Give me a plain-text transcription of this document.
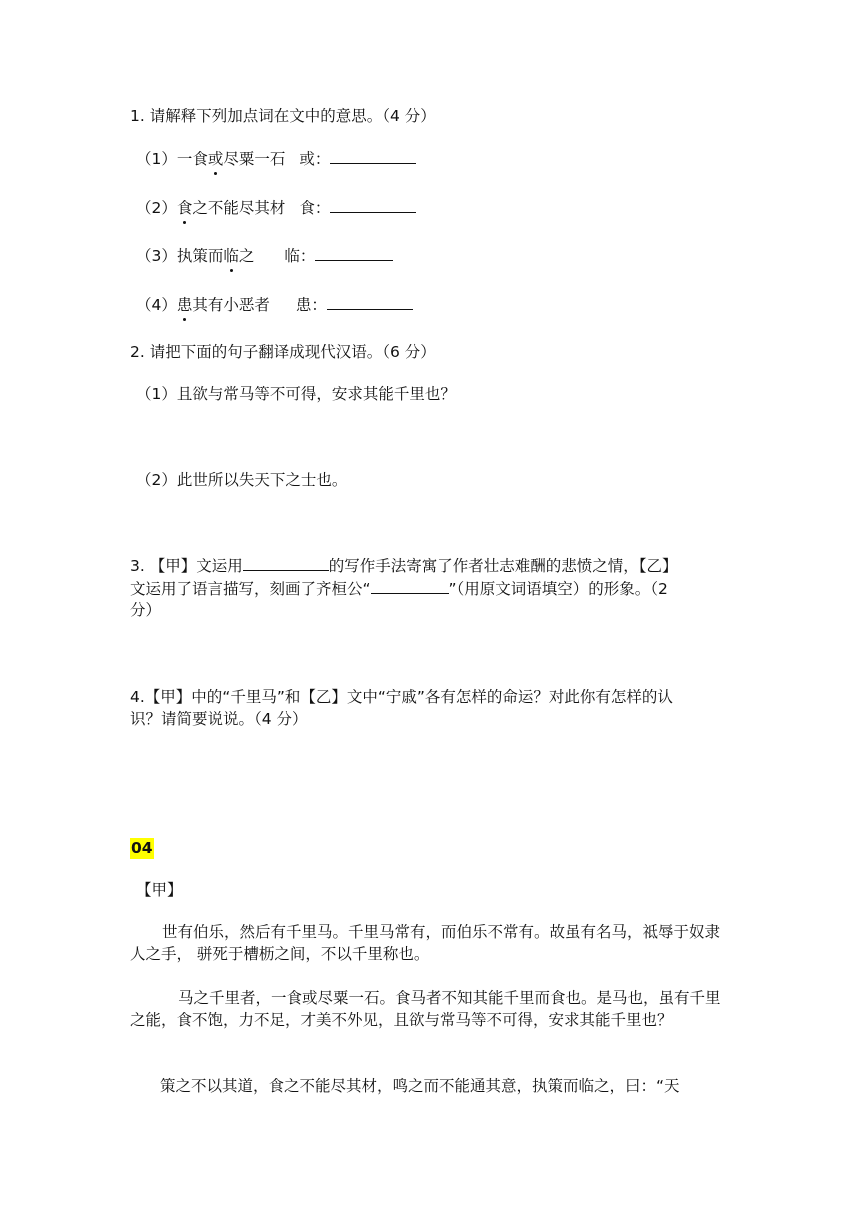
1. 请解释下列加点词在文中的意思。（4 分）

（1）一食或尽粟一石 或：

（2）食之不能尽其材 食：

（3）执策而临之 临：

（4）患其有小恶者 患：

2. 请把下面的句子翻译成现代汉语。（6 分）

（1）且欲与常马等不可得，安求其能千里也？

（2）此世所以失天下之士也。

3. 【甲】文运用	的写作手法寄寓了作者壮志难酬的悲愤之情，【乙】

文运用了语言描写，刻画了齐桓公“	”（用原文词语填空）的形象。（2

分）

4.【甲】中的“千里马”和【乙】文中“宁戚”各有怎样的命运？对此你有怎样的认

识？请简要说说。（4 分）

04

【甲】

世有伯乐，然后有千里马。千里马常有，而伯乐不常有。故虽有名马，祗辱于奴隶人之手， 骈死于槽枥之间，不以千里称也。

马之千里者，一食或尽粟一石。食马者不知其能千里而食也。是马也，虽有千里之能，食不饱，力不足，才美不外见，且欲与常马等不可得，安求其能千里也？

策之不以其道，食之不能尽其材，鸣之而不能通其意，执策而临之，曰：“天
